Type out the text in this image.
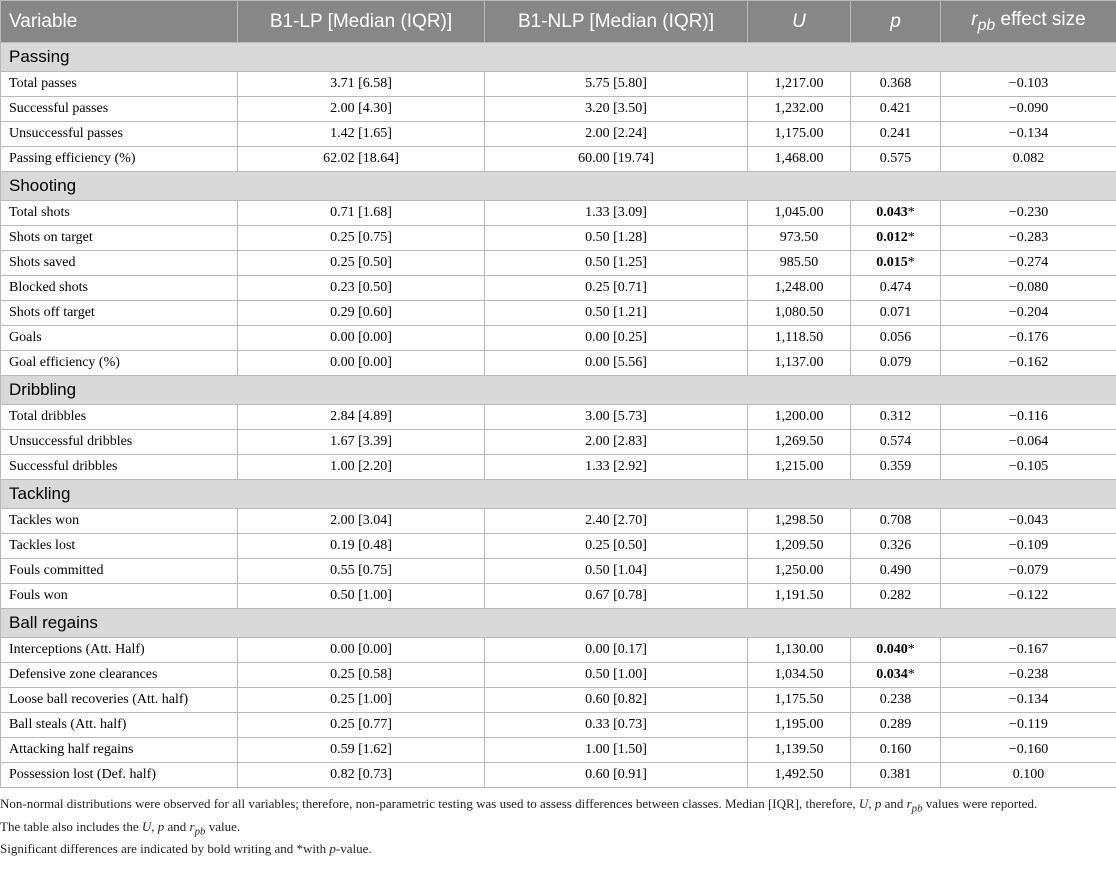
Variable	B1-LP [Median (IQR)]	B1-NLP [Median (IQR)]	U	p	$r_{pb}$ effect size
Passing					
Total passes	3.71 [6.58]	5.75 [5.80]	1,217.00	0.368	−0.103
Successful passes	2.00 [4.30]	3.20 [3.50]	1,232.00	0.421	−0.090
Unsuccessful passes	1.42 [1.65]	2.00 [2.24]	1,175.00	0.241	−0.134
Passing efficiency (%)	62.02 [18.64]	60.00 [19.74]	1,468.00	0.575	0.082
Shooting					
Total shots	0.71 [1.68]	1.33 [3.09]	1,045.00	0.043*	−0.230
Shots on target	0.25 [0.75]	0.50 [1.28]	973.50	0.012*	−0.283
Shots saved	0.25 [0.50]	0.50 [1.25]	985.50	0.015*	−0.274
Blocked shots	0.23 [0.50]	0.25 [0.71]	1,248.00	0.474	−0.080
Shots off target	0.29 [0.60]	0.50 [1.21]	1,080.50	0.071	−0.204
Goals	0.00 [0.00]	0.00 [0.25]	1,118.50	0.056	−0.176
Goal efficiency (%)	0.00 [0.00]	0.00 [5.56]	1,137.00	0.079	−0.162
Dribbling					
Total dribbles	2.84 [4.89]	3.00 [5.73]	1,200.00	0.312	−0.116
Unsuccessful dribbles	1.67 [3.39]	2.00 [2.83]	1,269.50	0.574	−0.064
Successful dribbles	1.00 [2.20]	1.33 [2.92]	1,215.00	0.359	−0.105
Tackling					
Tackles won	2.00 [3.04]	2.40 [2.70]	1,298.50	0.708	−0.043
Tackles lost	0.19 [0.48]	0.25 [0.50]	1,209.50	0.326	−0.109
Fouls committed	0.55 [0.75]	0.50 [1.04]	1,250.00	0.490	−0.079
Fouls won	0.50 [1.00]	0.67 [0.78]	1,191.50	0.282	−0.122
Ball regains					
Interceptions (Att. Half)	0.00 [0.00]	0.00 [0.17]	1,130.00	0.040*	−0.167
Defensive zone clearances	0.25 [0.58]	0.50 [1.00]	1,034.50	0.034*	−0.238
Loose ball recoveries (Att. half)	0.25 [1.00]	0.60 [0.82]	1,175.50	0.238	−0.134
Ball steals (Att. half)	0.25 [0.77]	0.33 [0.73]	1,195.00	0.289	−0.119
Attacking half regains	0.59 [1.62]	1.00 [1.50]	1,139.50	0.160	−0.160
Possession lost (Def. half)	0.82 [0.73]	0.60 [0.91]	1,492.50	0.381	0.100

Non-normal distributions were observed for all variables; therefore, non-parametric testing was used to assess differences between classes. Median [IQR], therefore, U, p and $r_{pb}$ values were reported.

The table also includes the U, p and $r_{pb}$ value.

Significant differences are indicated by bold writing and *with p-value.
